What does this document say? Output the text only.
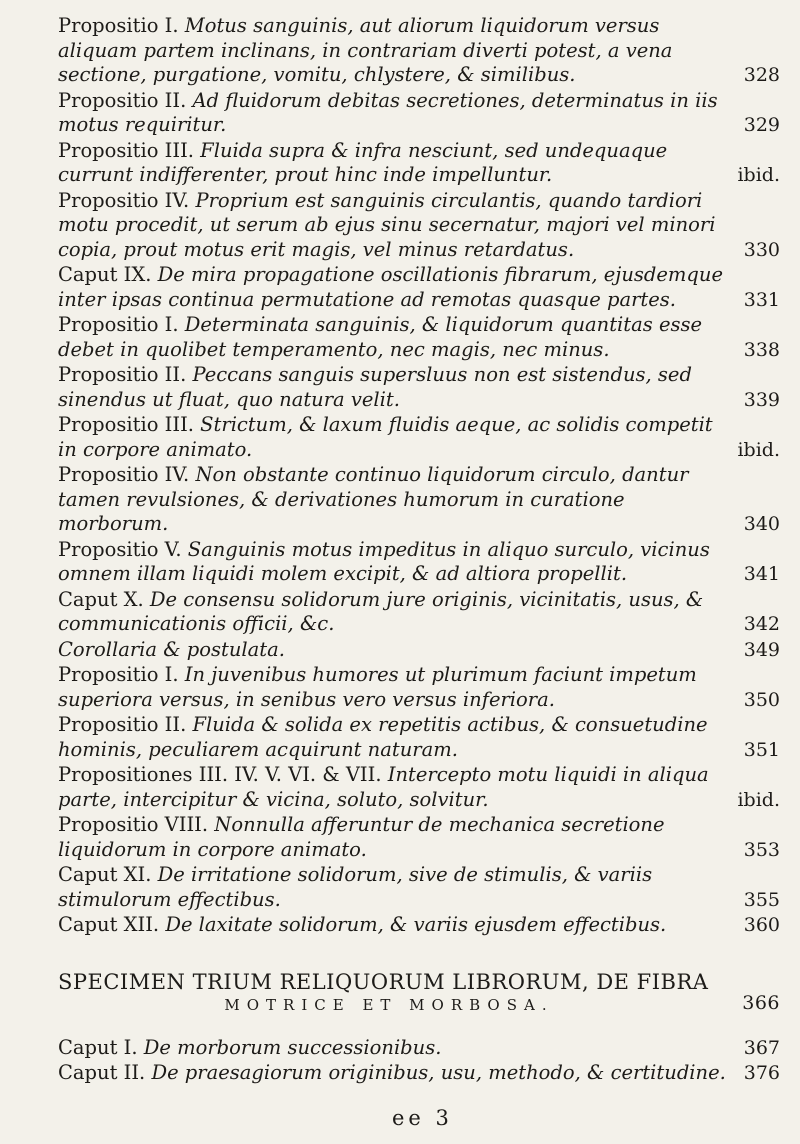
Propositio I. Motus sanguinis, aut aliorum liquidorum versus aliquam partem inclinans, in contrariam diverti potest, a vena sectione, purgatione, vomitu, chlystere, & similibus.	328
Propositio II. Ad fluidorum debitas secretiones, determinatus in iis motus requiritur.	329
Propositio III. Fluida supra & infra nesciunt, sed undequaque currunt indifferenter, prout hinc inde impelluntur.	ibid.
Propositio IV. Proprium est sanguinis circulantis, quando tardiori motu procedit, ut serum ab ejus sinu secernatur, majori vel minori copia, prout motus erit magis, vel minus retardatus.	330
Caput IX. De mira propagatione oscillationis fibrarum, ejusdemque inter ipsas continua permutatione ad remotas quasque partes.	331
Propositio I. Determinata sanguinis, & liquidorum quantitas esse debet in quolibet temperamento, nec magis, nec minus.	338
Propositio II. Peccans sanguis supersluus non est sistendus, sed sinendus ut fluat, quo natura velit.	339
Propositio III. Strictum, & laxum fluidis aeque, ac solidis competit in corpore animato.	ibid.
Propositio IV. Non obstante continuo liquidorum circulo, dantur tamen revulsiones, & derivationes humorum in curatione morborum.	340
Propositio V. Sanguinis motus impeditus in aliquo surculo, vicinus omnem illam liquidi molem excipit, & ad altiora propellit.	341
Caput X. De consensu solidorum jure originis, vicinitatis, usus, & communicationis officii, &c.	342
Corollaria & postulata.	349
Propositio I. In juvenibus humores ut plurimum faciunt impetum superiora versus, in senibus vero versus inferiora.	350
Propositio II. Fluida & solida ex repetitis actibus, & consuetudine hominis, peculiarem acquirunt naturam.	351
Propositiones III. IV. V. VI. & VII. Intercepto motu liquidi in aliqua parte, intercipitur & vicina, soluto, solvitur.	ibid.
Propositio VIII. Nonnulla afferuntur de mechanica secretione liquidorum in corpore animato.	353
Caput XI. De irritatione solidorum, sive de stimulis, & variis stimulorum effectibus.	355
Caput XII. De laxitate solidorum, & variis ejusdem effectibus.	360
SPECIMEN TRIUM RELIQUORUM LIBRORUM, DE FIBRA
MOTRICE ET MORBOSA.	366
Caput I. De morborum successionibus.	367
Caput II. De praesagiorum originibus, usu, methodo, & certitudine. 376
ee 3
